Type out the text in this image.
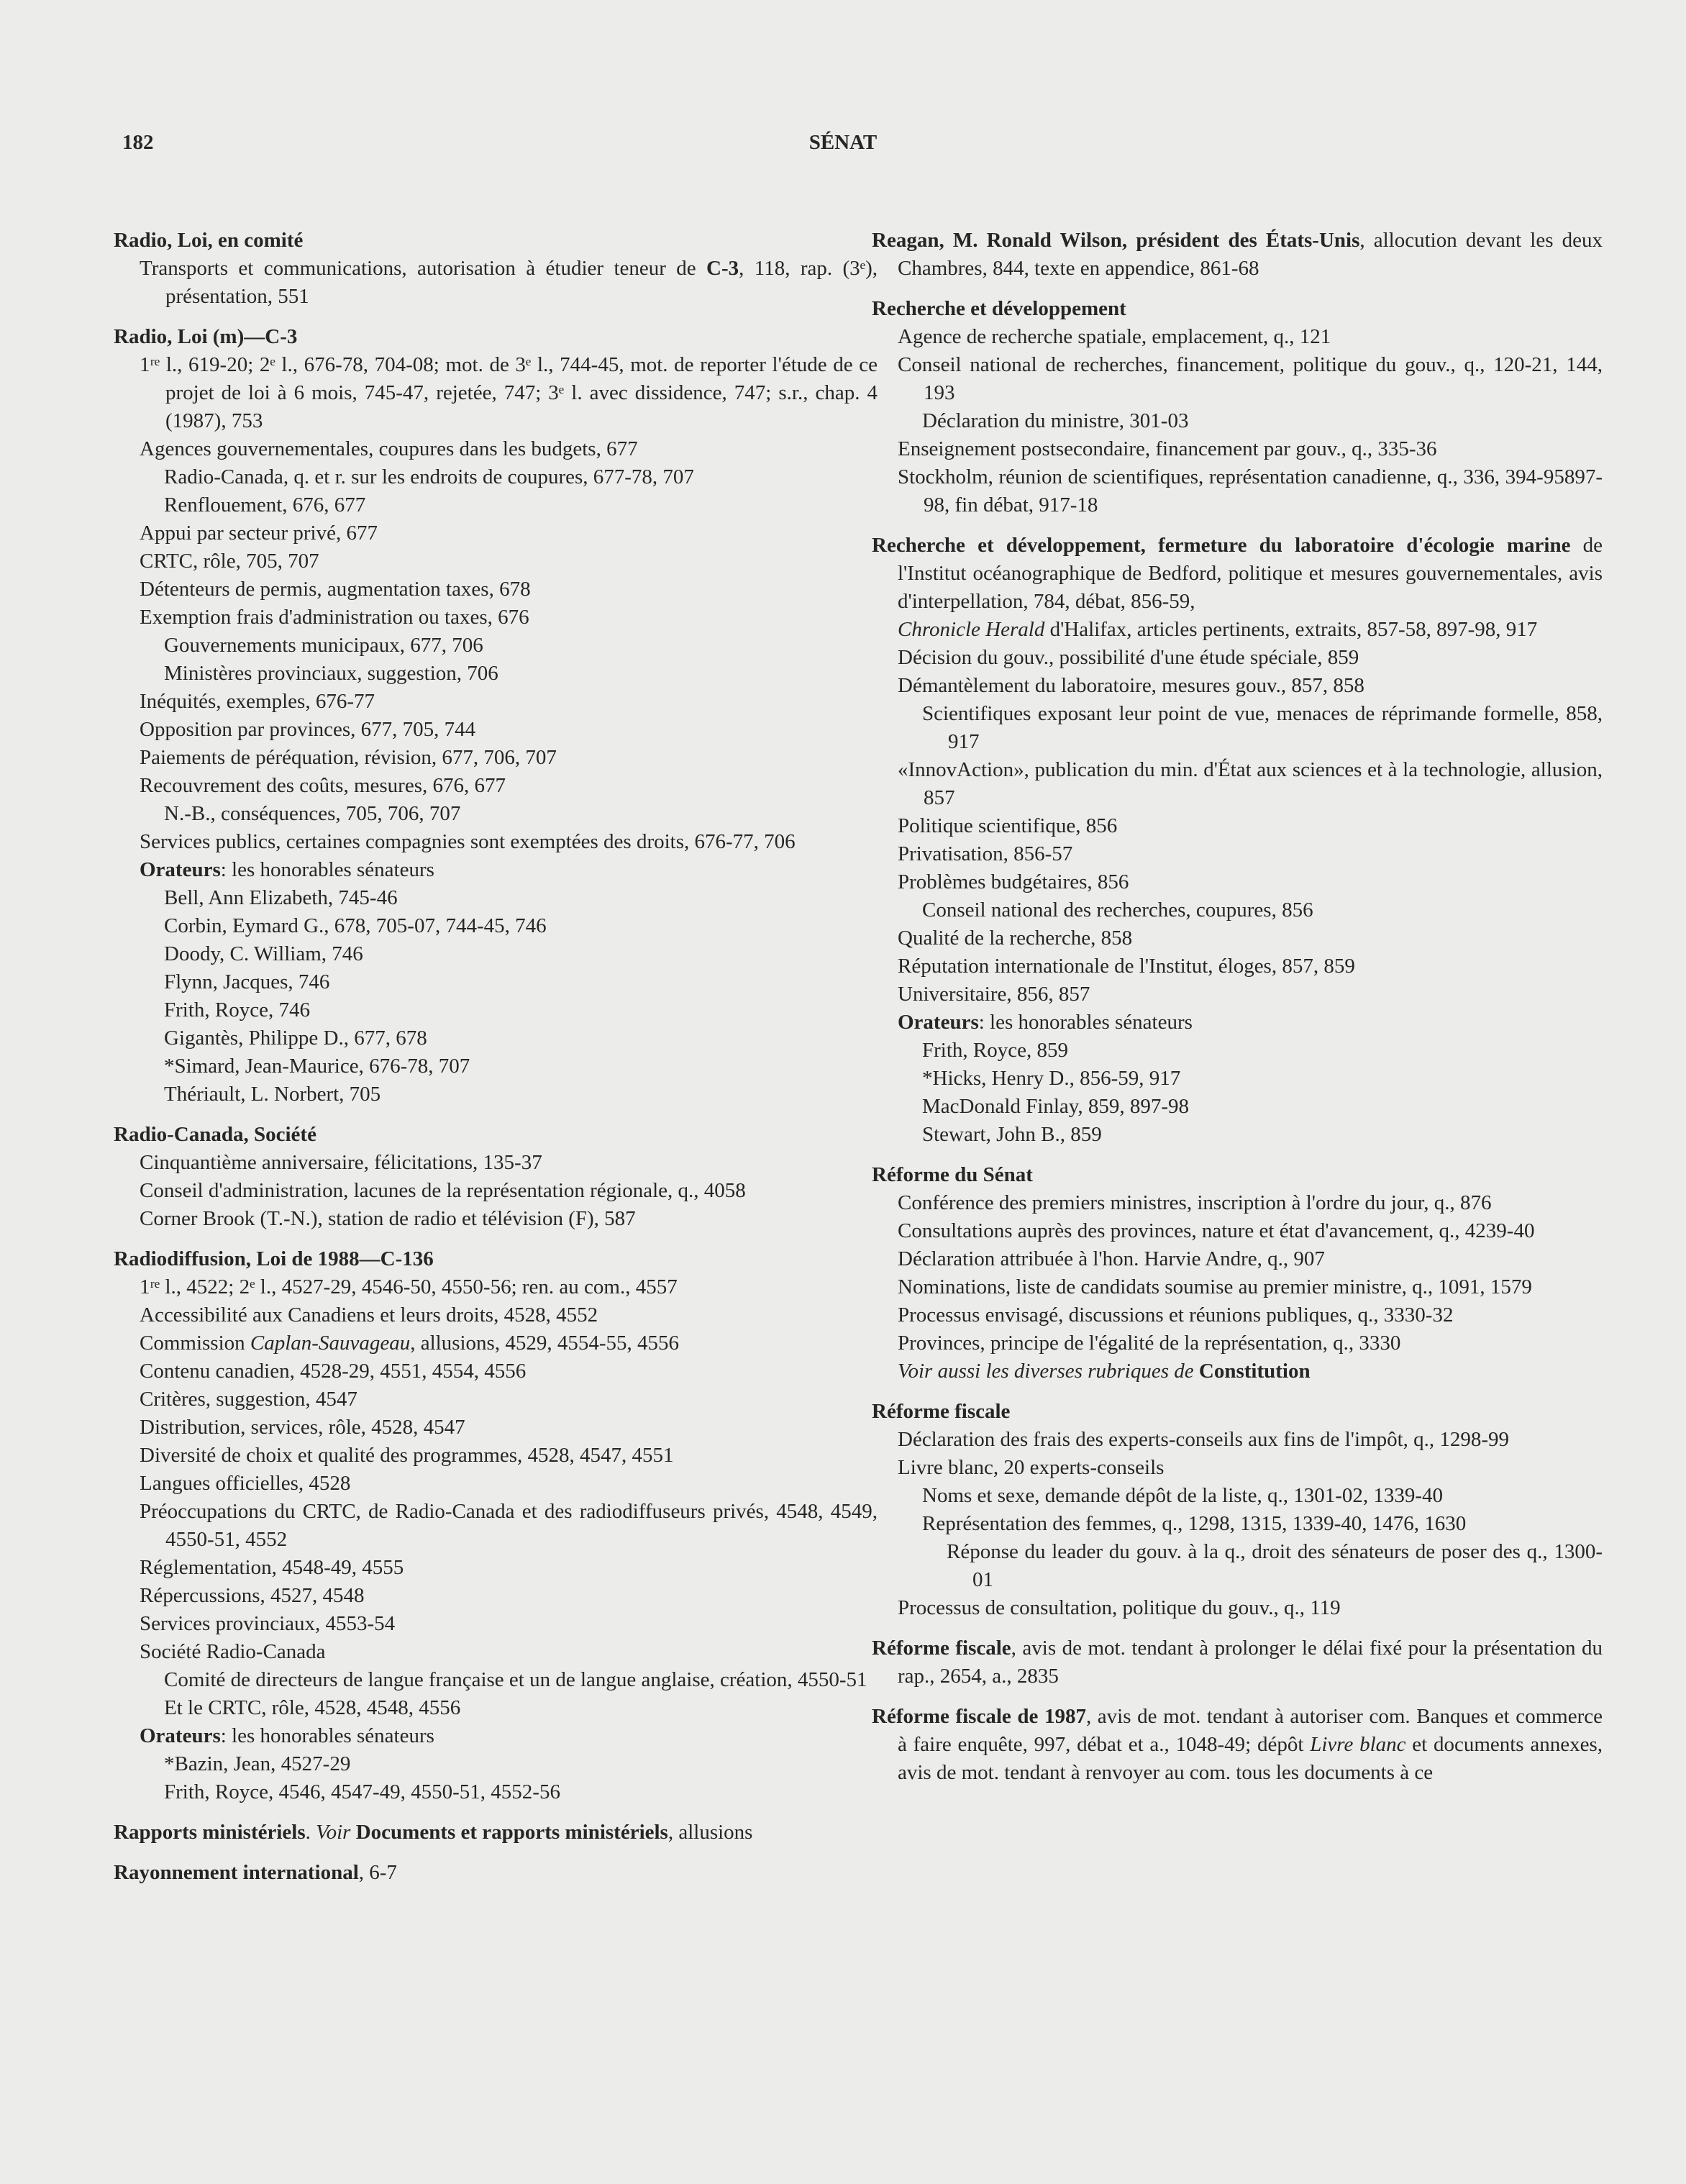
182	SÉNAT
Radio, Loi, en comité
Transports et communications, autorisation à étudier teneur de C-3, 118, rap. (3ᵉ), présentation, 551
Radio, Loi (m)—C-3
1ʳᵉ l., 619-20; 2ᵉ l., 676-78, 704-08; mot. de 3ᵉ l., 744-45, mot. de reporter l'étude de ce projet de loi à 6 mois, 745-47, rejetée, 747; 3ᵉ l. avec dissidence, 747; s.r., chap. 4 (1987), 753
Agences gouvernementales, coupures dans les budgets, 677
Radio-Canada, q. et r. sur les endroits de coupures, 677-78, 707
Renflouement, 676, 677
Appui par secteur privé, 677
CRTC, rôle, 705, 707
Détenteurs de permis, augmentation taxes, 678
Exemption frais d'administration ou taxes, 676
Gouvernements municipaux, 677, 706
Ministères provinciaux, suggestion, 706
Inéquités, exemples, 676-77
Opposition par provinces, 677, 705, 744
Paiements de péréquation, révision, 677, 706, 707
Recouvrement des coûts, mesures, 676, 677
N.-B., conséquences, 705, 706, 707
Services publics, certaines compagnies sont exemptées des droits, 676-77, 706
Orateurs: les honorables sénateurs
Bell, Ann Elizabeth, 745-46
Corbin, Eymard G., 678, 705-07, 744-45, 746
Doody, C. William, 746
Flynn, Jacques, 746
Frith, Royce, 746
Gigantès, Philippe D., 677, 678
*Simard, Jean-Maurice, 676-78, 707
Thériault, L. Norbert, 705
Radio-Canada, Société
Cinquantième anniversaire, félicitations, 135-37
Conseil d'administration, lacunes de la représentation régionale, q., 4058
Corner Brook (T.-N.), station de radio et télévision (F), 587
Radiodiffusion, Loi de 1988—C-136
1ʳᵉ l., 4522; 2ᵉ l., 4527-29, 4546-50, 4550-56; ren. au com., 4557
Accessibilité aux Canadiens et leurs droits, 4528, 4552
Commission Caplan-Sauvageau, allusions, 4529, 4554-55, 4556
Contenu canadien, 4528-29, 4551, 4554, 4556
Critères, suggestion, 4547
Distribution, services, rôle, 4528, 4547
Diversité de choix et qualité des programmes, 4528, 4547, 4551
Langues officielles, 4528
Préoccupations du CRTC, de Radio-Canada et des radiodiffuseurs privés, 4548, 4549, 4550-51, 4552
Réglementation, 4548-49, 4555
Répercussions, 4527, 4548
Services provinciaux, 4553-54
Société Radio-Canada
Comité de directeurs de langue française et un de langue anglaise, création, 4550-51
Et le CRTC, rôle, 4528, 4548, 4556
Orateurs: les honorables sénateurs
*Bazin, Jean, 4527-29
Frith, Royce, 4546, 4547-49, 4550-51, 4552-56
Rapports ministériels. Voir Documents et rapports ministériels, allusions
Rayonnement international, 6-7
Reagan, M. Ronald Wilson, président des États-Unis, allocution devant les deux Chambres, 844, texte en appendice, 861-68
Recherche et développement
Agence de recherche spatiale, emplacement, q., 121
Conseil national de recherches, financement, politique du gouv., q., 120-21, 144, 193
Déclaration du ministre, 301-03
Enseignement postsecondaire, financement par gouv., q., 335-36
Stockholm, réunion de scientifiques, représentation canadienne, q., 336, 394-95897-98, fin débat, 917-18
Recherche et développement, fermeture du laboratoire d'écologie marine de l'Institut océanographique de Bedford, politique et mesures gouvernementales, avis d'interpellation, 784, débat, 856-59,
Chronicle Herald d'Halifax, articles pertinents, extraits, 857-58, 897-98, 917
Décision du gouv., possibilité d'une étude spéciale, 859
Démantèlement du laboratoire, mesures gouv., 857, 858
Scientifiques exposant leur point de vue, menaces de réprimande formelle, 858, 917
«InnovAction», publication du min. d'État aux sciences et à la technologie, allusion, 857
Politique scientifique, 856
Privatisation, 856-57
Problèmes budgétaires, 856
Conseil national des recherches, coupures, 856
Qualité de la recherche, 858
Réputation internationale de l'Institut, éloges, 857, 859
Universitaire, 856, 857
Orateurs: les honorables sénateurs
Frith, Royce, 859
*Hicks, Henry D., 856-59, 917
MacDonald Finlay, 859, 897-98
Stewart, John B., 859
Réforme du Sénat
Conférence des premiers ministres, inscription à l'ordre du jour, q., 876
Consultations auprès des provinces, nature et état d'avancement, q., 4239-40
Déclaration attribuée à l'hon. Harvie Andre, q., 907
Nominations, liste de candidats soumise au premier ministre, q., 1091, 1579
Processus envisagé, discussions et réunions publiques, q., 3330-32
Provinces, principe de l'égalité de la représentation, q., 3330
Voir aussi les diverses rubriques de Constitution
Réforme fiscale
Déclaration des frais des experts-conseils aux fins de l'impôt, q., 1298-99
Livre blanc, 20 experts-conseils
Noms et sexe, demande dépôt de la liste, q., 1301-02, 1339-40
Représentation des femmes, q., 1298, 1315, 1339-40, 1476, 1630
Réponse du leader du gouv. à la q., droit des sénateurs de poser des q., 1300-01
Processus de consultation, politique du gouv., q., 119
Réforme fiscale, avis de mot. tendant à prolonger le délai fixé pour la présentation du rap., 2654, a., 2835
Réforme fiscale de 1987, avis de mot. tendant à autoriser com. Banques et commerce à faire enquête, 997, débat et a., 1048-49; dépôt Livre blanc et documents annexes, avis de mot. tendant à renvoyer au com. tous les documents à ce
